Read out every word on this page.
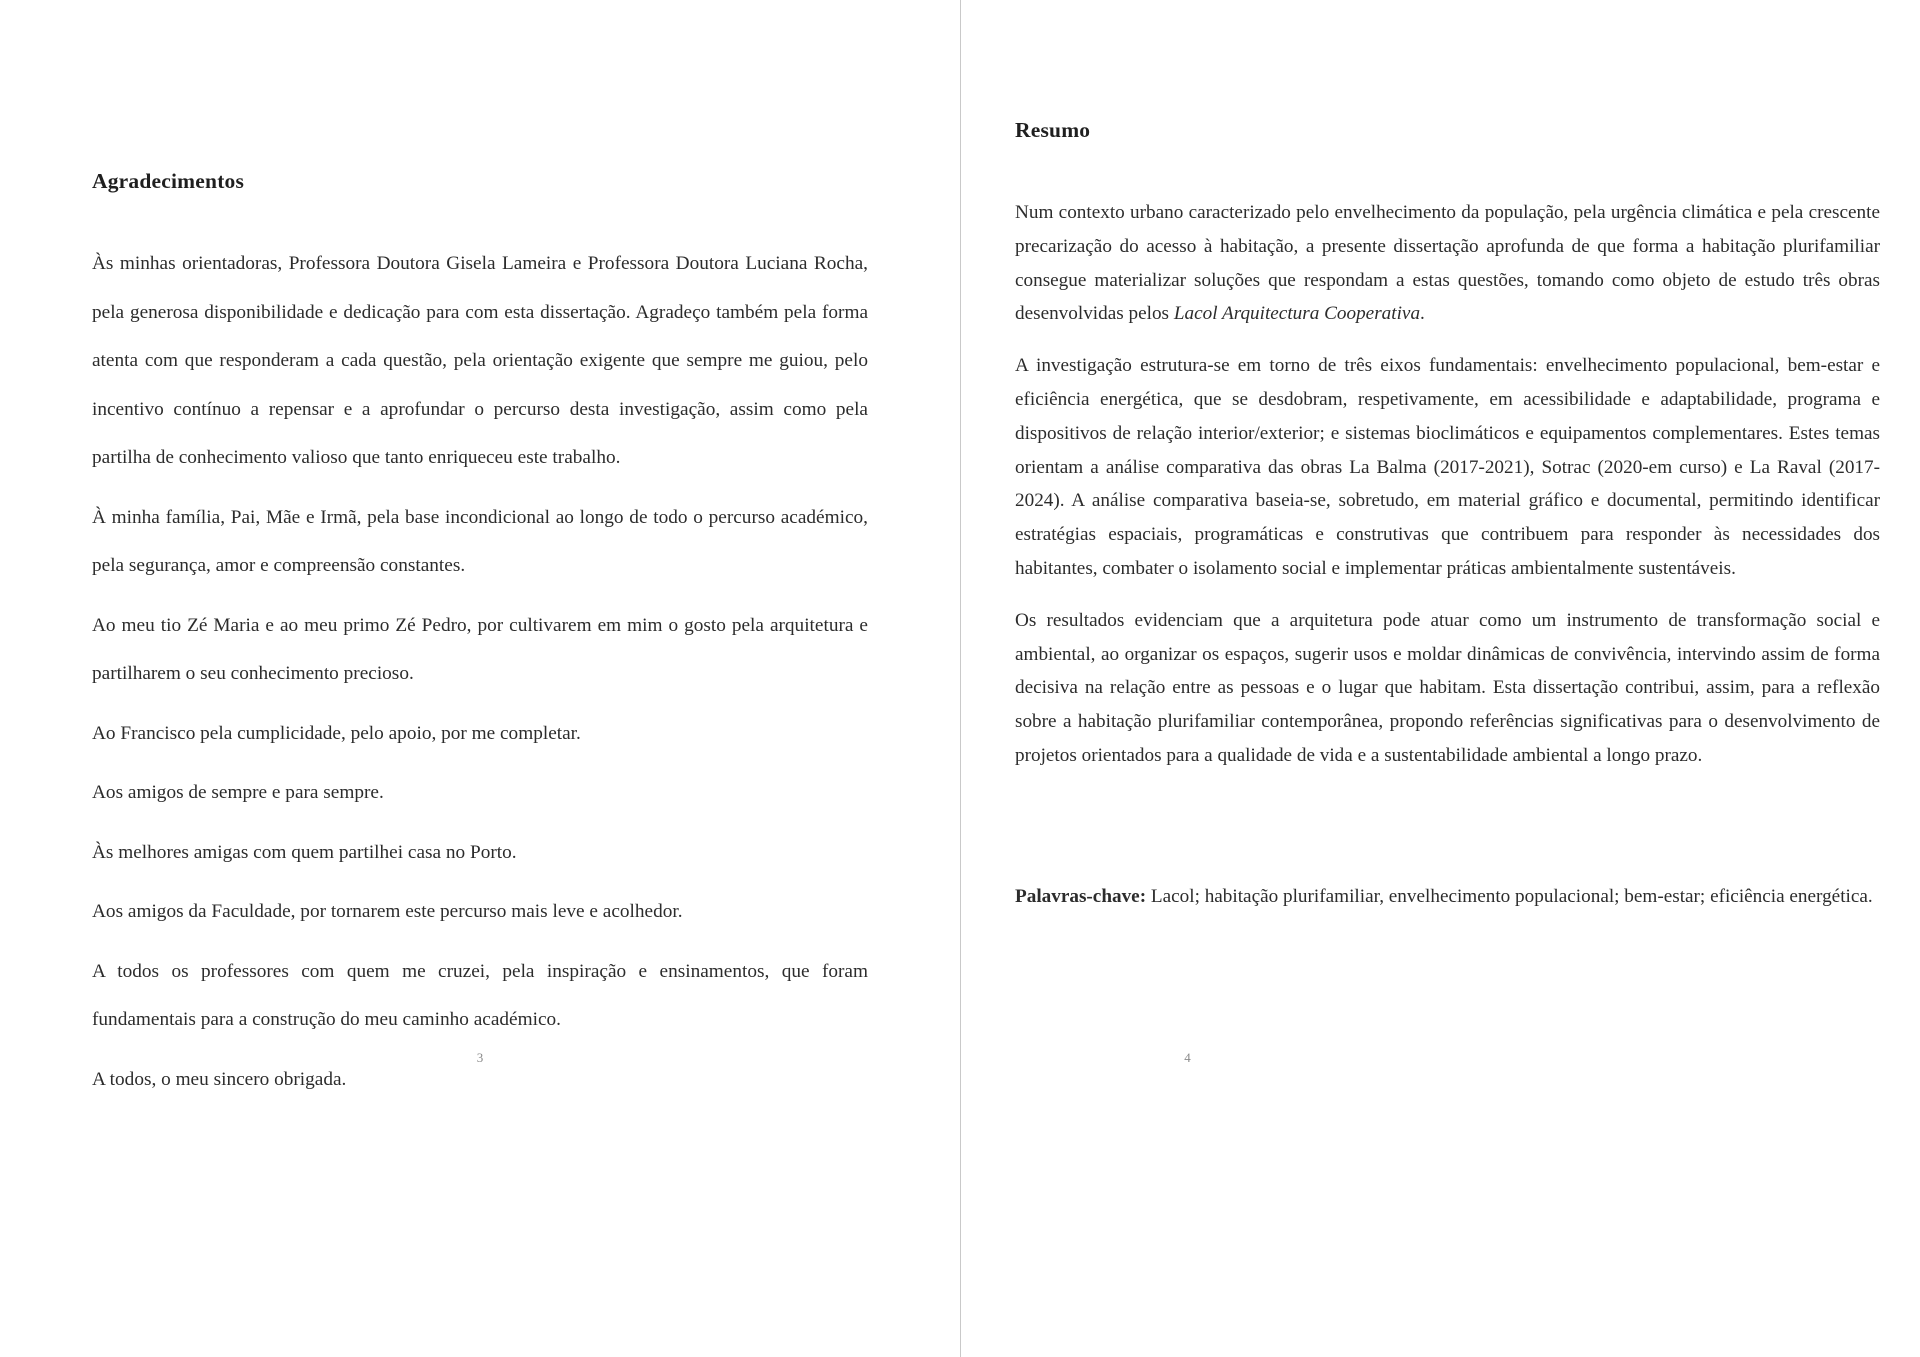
Agradecimentos

Às minhas orientadoras, Professora Doutora Gisela Lameira e Professora Doutora Luciana Rocha, pela generosa disponibilidade e dedicação para com esta dissertação. Agradeço também pela forma atenta com que responderam a cada questão, pela orientação exigente que sempre me guiou, pelo incentivo contínuo a repensar e a aprofundar o percurso desta investigação, assim como pela partilha de conhecimento valioso que tanto enriqueceu este trabalho.

À minha família, Pai, Mãe e Irmã, pela base incondicional ao longo de todo o percurso académico, pela segurança, amor e compreensão constantes.

Ao meu tio Zé Maria e ao meu primo Zé Pedro, por cultivarem em mim o gosto pela arquitetura e partilharem o seu conhecimento precioso.

Ao Francisco pela cumplicidade, pelo apoio, por me completar.

Aos amigos de sempre e para sempre.

Às melhores amigas com quem partilhei casa no Porto.

Aos amigos da Faculdade, por tornarem este percurso mais leve e acolhedor.

A todos os professores com quem me cruzei, pela inspiração e ensinamentos, que foram fundamentais para a construção do meu caminho académico.

A todos, o meu sincero obrigada.

3
Resumo

Num contexto urbano caracterizado pelo envelhecimento da população, pela urgência climática e pela crescente precarização do acesso à habitação, a presente dissertação aprofunda de que forma a habitação plurifamiliar consegue materializar soluções que respondam a estas questões, tomando como objeto de estudo três obras desenvolvidas pelos Lacol Arquitectura Cooperativa.

A investigação estrutura-se em torno de três eixos fundamentais: envelhecimento populacional, bem-estar e eficiência energética, que se desdobram, respetivamente, em acessibilidade e adaptabilidade, programa e dispositivos de relação interior/exterior; e sistemas bioclimáticos e equipamentos complementares. Estes temas orientam a análise comparativa das obras La Balma (2017-2021), Sotrac (2020-em curso) e La Raval (2017-2024). A análise comparativa baseia-se, sobretudo, em material gráfico e documental, permitindo identificar estratégias espaciais, programáticas e construtivas que contribuem para responder às necessidades dos habitantes, combater o isolamento social e implementar práticas ambientalmente sustentáveis.

Os resultados evidenciam que a arquitetura pode atuar como um instrumento de transformação social e ambiental, ao organizar os espaços, sugerir usos e moldar dinâmicas de convivência, intervindo assim de forma decisiva na relação entre as pessoas e o lugar que habitam. Esta dissertação contribui, assim, para a reflexão sobre a habitação plurifamiliar contemporânea, propondo referências significativas para o desenvolvimento de projetos orientados para a qualidade de vida e a sustentabilidade ambiental a longo prazo.

Palavras-chave: Lacol; habitação plurifamiliar, envelhecimento populacional; bem-estar; eficiência energética.
4
